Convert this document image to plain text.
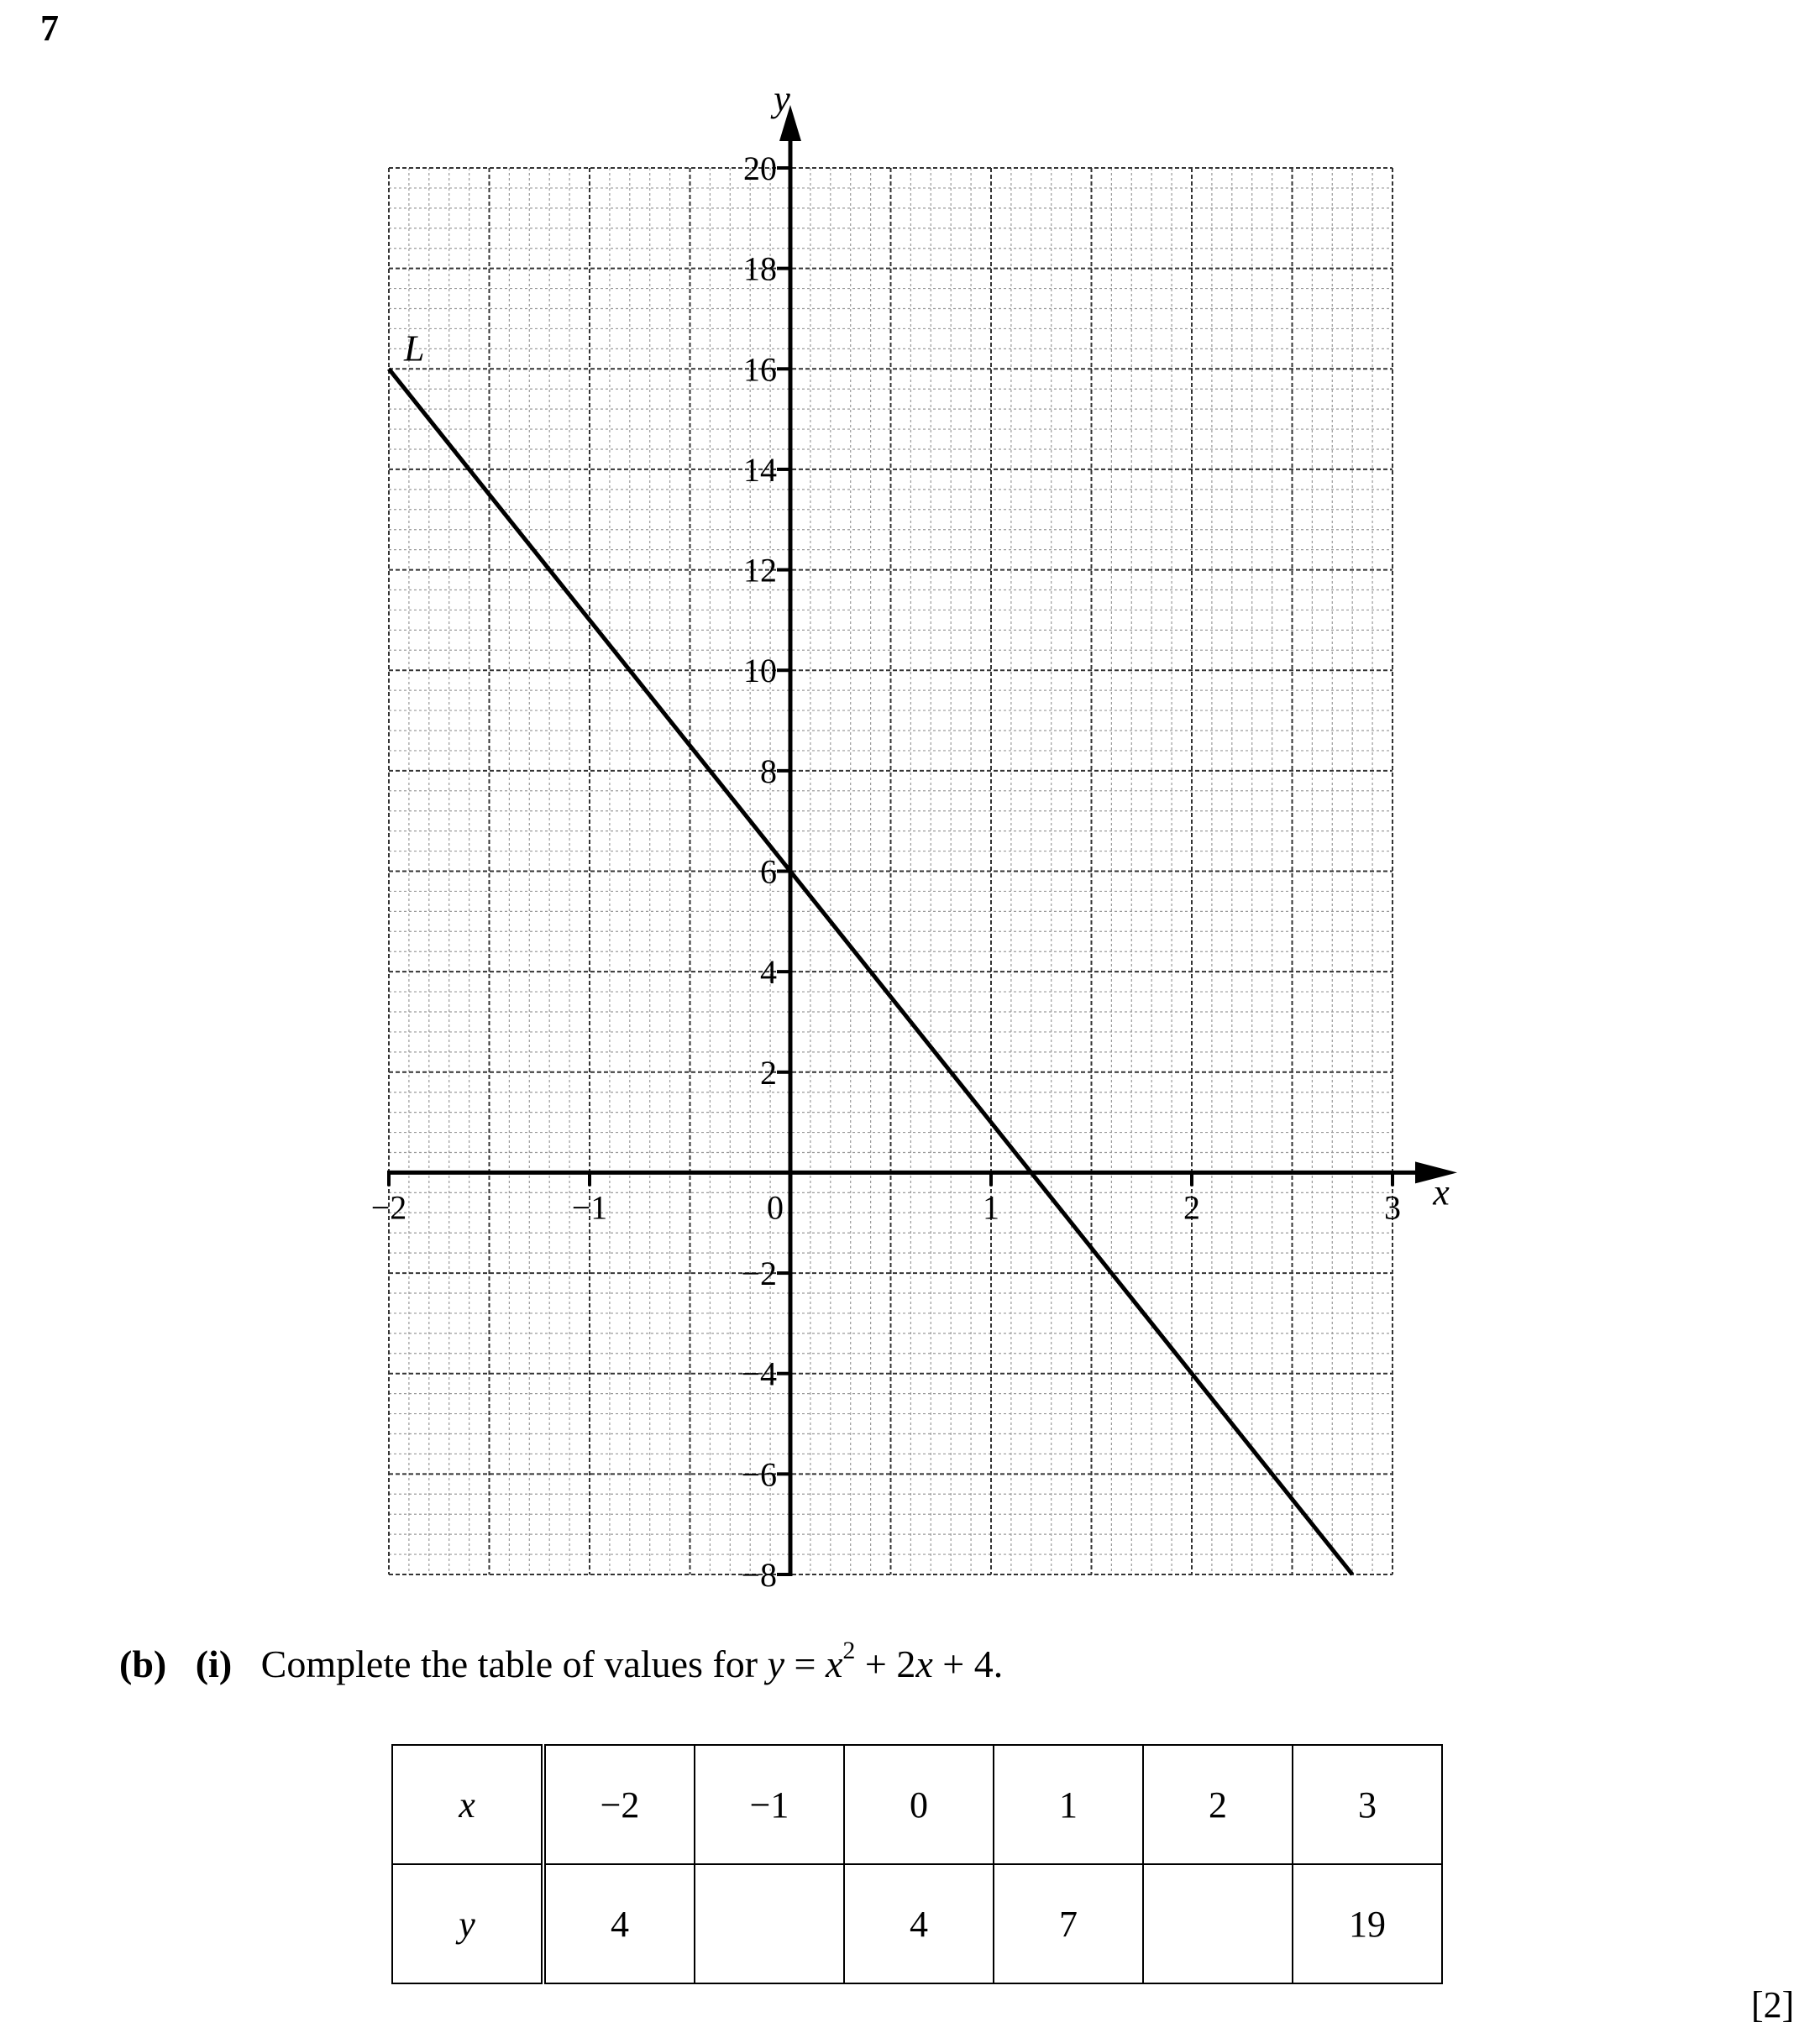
7
−2	−1	1	2	3
0
20
18
16
14
12
10
8
6
4
2
−2
−4
−6
−8
x
y
L
(b) (i) Complete the table of values for $y = x^2 + 2x + 4$.
x	−2	−1	0	1	2	3
y	4		4	7		19
[2]
